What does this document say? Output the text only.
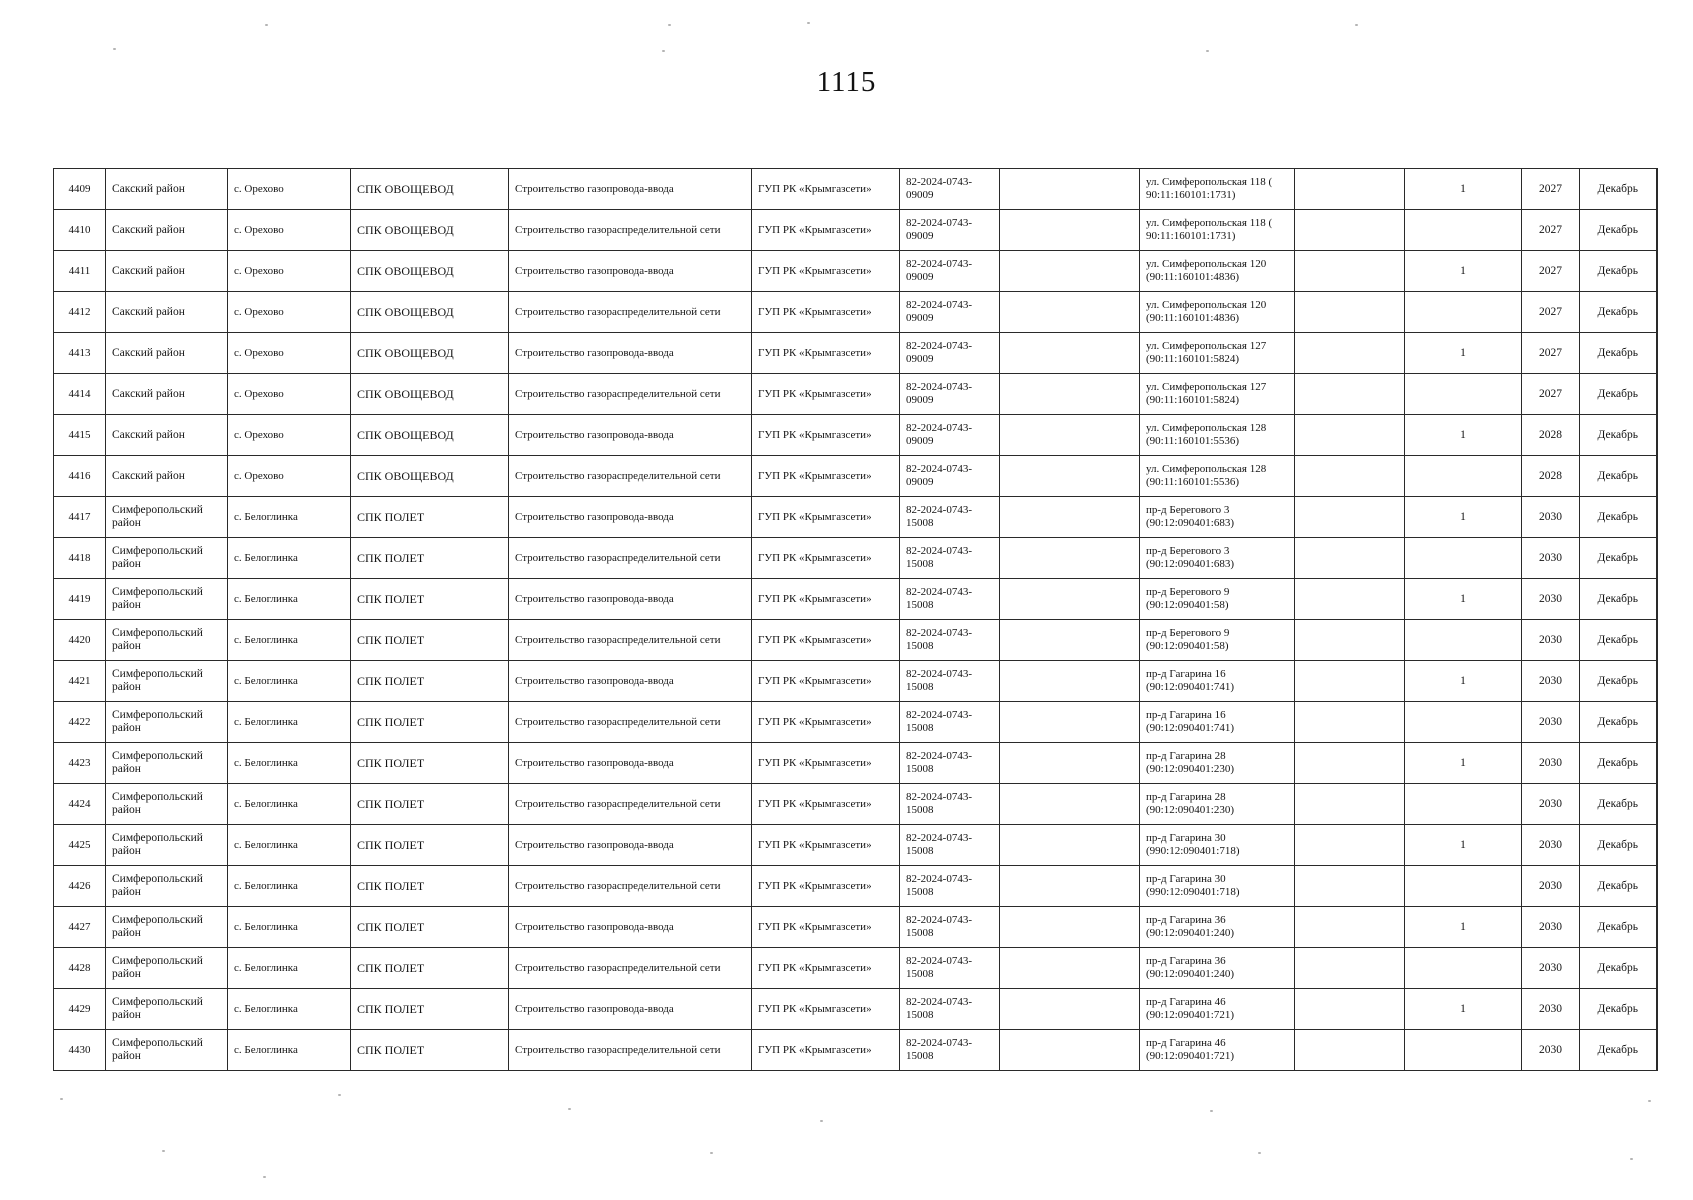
1115
4409	Сакский район	с. Орехово	СПК ОВОЩЕВОД	Строительство газопровода-ввода	ГУП РК «Крымгазсети»	82-2024-0743-09009		ул. Симферопольская 118 ( 90:11:160101:1731)		1	2027	Декабрь
4410	Сакский район	с. Орехово	СПК ОВОЩЕВОД	Строительство газораспределительной сети	ГУП РК «Крымгазсети»	82-2024-0743-09009		ул. Симферопольская 118 ( 90:11:160101:1731)			2027	Декабрь
4411	Сакский район	с. Орехово	СПК ОВОЩЕВОД	Строительство газопровода-ввода	ГУП РК «Крымгазсети»	82-2024-0743-09009		ул. Симферопольская 120 (90:11:160101:4836)		1	2027	Декабрь
4412	Сакский район	с. Орехово	СПК ОВОЩЕВОД	Строительство газораспределительной сети	ГУП РК «Крымгазсети»	82-2024-0743-09009		ул. Симферопольская 120 (90:11:160101:4836)			2027	Декабрь
4413	Сакский район	с. Орехово	СПК ОВОЩЕВОД	Строительство газопровода-ввода	ГУП РК «Крымгазсети»	82-2024-0743-09009		ул. Симферопольская 127 (90:11:160101:5824)		1	2027	Декабрь
4414	Сакский район	с. Орехово	СПК ОВОЩЕВОД	Строительство газораспределительной сети	ГУП РК «Крымгазсети»	82-2024-0743-09009		ул. Симферопольская 127 (90:11:160101:5824)			2027	Декабрь
4415	Сакский район	с. Орехово	СПК ОВОЩЕВОД	Строительство газопровода-ввода	ГУП РК «Крымгазсети»	82-2024-0743-09009		ул. Симферопольская 128 (90:11:160101:5536)		1	2028	Декабрь
4416	Сакский район	с. Орехово	СПК ОВОЩЕВОД	Строительство газораспределительной сети	ГУП РК «Крымгазсети»	82-2024-0743-09009		ул. Симферопольская 128 (90:11:160101:5536)			2028	Декабрь
4417	Симферопольский район	с. Белоглинка	СПК ПОЛЕТ	Строительство газопровода-ввода	ГУП РК «Крымгазсети»	82-2024-0743-15008		пр-д Берегового 3 (90:12:090401:683)		1	2030	Декабрь
4418	Симферопольский район	с. Белоглинка	СПК ПОЛЕТ	Строительство газораспределительной сети	ГУП РК «Крымгазсети»	82-2024-0743-15008		пр-д Берегового 3 (90:12:090401:683)			2030	Декабрь
4419	Симферопольский район	с. Белоглинка	СПК ПОЛЕТ	Строительство газопровода-ввода	ГУП РК «Крымгазсети»	82-2024-0743-15008		пр-д Берегового 9 (90:12:090401:58)		1	2030	Декабрь
4420	Симферопольский район	с. Белоглинка	СПК ПОЛЕТ	Строительство газораспределительной сети	ГУП РК «Крымгазсети»	82-2024-0743-15008		пр-д Берегового 9 (90:12:090401:58)			2030	Декабрь
4421	Симферопольский район	с. Белоглинка	СПК ПОЛЕТ	Строительство газопровода-ввода	ГУП РК «Крымгазсети»	82-2024-0743-15008		пр-д Гагарина 16 (90:12:090401:741)		1	2030	Декабрь
4422	Симферопольский район	с. Белоглинка	СПК ПОЛЕТ	Строительство газораспределительной сети	ГУП РК «Крымгазсети»	82-2024-0743-15008		пр-д Гагарина 16 (90:12:090401:741)			2030	Декабрь
4423	Симферопольский район	с. Белоглинка	СПК ПОЛЕТ	Строительство газопровода-ввода	ГУП РК «Крымгазсети»	82-2024-0743-15008		пр-д Гагарина 28 (90:12:090401:230)		1	2030	Декабрь
4424	Симферопольский район	с. Белоглинка	СПК ПОЛЕТ	Строительство газораспределительной сети	ГУП РК «Крымгазсети»	82-2024-0743-15008		пр-д Гагарина 28 (90:12:090401:230)			2030	Декабрь
4425	Симферопольский район	с. Белоглинка	СПК ПОЛЕТ	Строительство газопровода-ввода	ГУП РК «Крымгазсети»	82-2024-0743-15008		пр-д Гагарина 30 (990:12:090401:718)		1	2030	Декабрь
4426	Симферопольский район	с. Белоглинка	СПК ПОЛЕТ	Строительство газораспределительной сети	ГУП РК «Крымгазсети»	82-2024-0743-15008		пр-д Гагарина 30 (990:12:090401:718)			2030	Декабрь
4427	Симферопольский район	с. Белоглинка	СПК ПОЛЕТ	Строительство газопровода-ввода	ГУП РК «Крымгазсети»	82-2024-0743-15008		пр-д Гагарина 36 (90:12:090401:240)		1	2030	Декабрь
4428	Симферопольский район	с. Белоглинка	СПК ПОЛЕТ	Строительство газораспределительной сети	ГУП РК «Крымгазсети»	82-2024-0743-15008		пр-д Гагарина 36 (90:12:090401:240)			2030	Декабрь
4429	Симферопольский район	с. Белоглинка	СПК ПОЛЕТ	Строительство газопровода-ввода	ГУП РК «Крымгазсети»	82-2024-0743-15008		пр-д Гагарина 46 (90:12:090401:721)		1	2030	Декабрь
4430	Симферопольский район	с. Белоглинка	СПК ПОЛЕТ	Строительство газораспределительной сети	ГУП РК «Крымгазсети»	82-2024-0743-15008		пр-д Гагарина 46 (90:12:090401:721)			2030	Декабрь
